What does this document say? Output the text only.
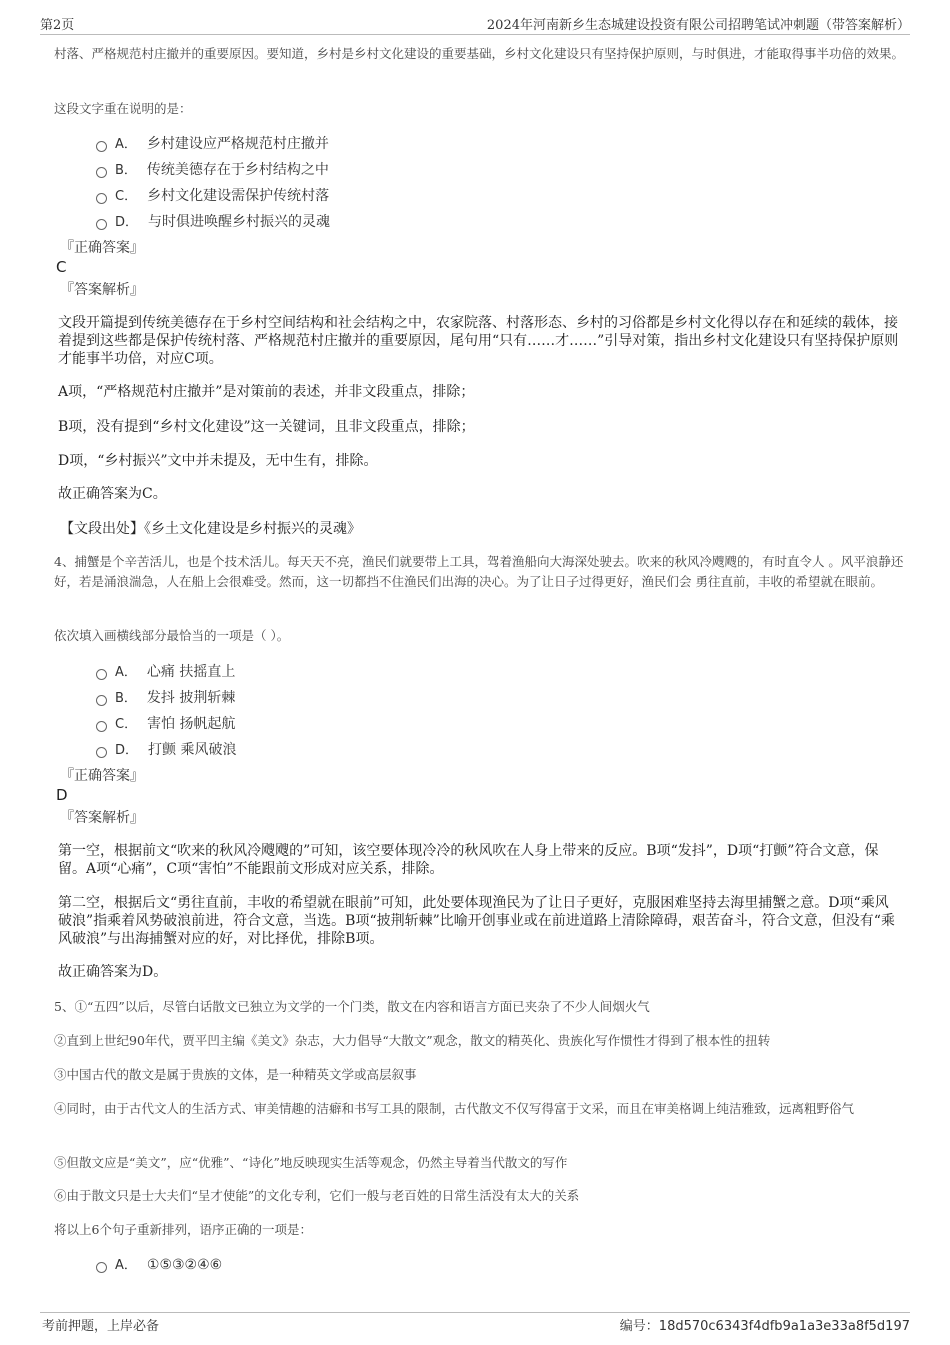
第2页	2024年河南新乡生态城建设投资有限公司招聘笔试冲刺题（带答案解析）
村落、严格规范村庄撤并的重要原因。要知道，乡村是乡村文化建设的重要基础，乡村文化建设只有坚持保护原则，与时俱进，才能取得事半功倍的效果。
这段文字重在说明的是：
A． 乡村建设应严格规范村庄撤并
B． 传统美德存在于乡村结构之中
C． 乡村文化建设需保护传统村落
D． 与时俱进唤醒乡村振兴的灵魂
『正确答案』
C
『答案解析』
文段开篇提到传统美德存在于乡村空间结构和社会结构之中，农家院落、村落形态、乡村的习俗都是乡村文化得以存在和延续的载体，接着提到这些都是保护传统村落、严格规范村庄撤并的重要原因，尾句用“只有……才……”引导对策，指出乡村文化建设只有坚持保护原则才能事半功倍，对应C项。
A项，“严格规范村庄撤并”是对策前的表述，并非文段重点，排除；
B项，没有提到“乡村文化建设”这一关键词，且非文段重点，排除；
D项，“乡村振兴”文中并未提及，无中生有，排除。
故正确答案为C。
【文段出处】《乡土文化建设是乡村振兴的灵魂》
4、捕蟹是个辛苦活儿，也是个技术活儿。每天天不亮，渔民们就要带上工具，驾着渔船向大海深处驶去。吹来的秋风冷飕飕的，有时直令人 。风平浪静还好，若是涌浪湍急，人在船上会很难受。然而，这一切都挡不住渔民们出海的决心。为了让日子过得更好，渔民们会 勇往直前，丰收的希望就在眼前。
依次填入画横线部分最恰当的一项是（ ）。
A． 心痛 扶摇直上
B． 发抖 披荆斩棘
C． 害怕 扬帆起航
D． 打颤 乘风破浪
『正确答案』
D
『答案解析』
第一空，根据前文“吹来的秋风冷飕飕的”可知，该空要体现冷冷的秋风吹在人身上带来的反应。B项“发抖”，D项“打颤”符合文意，保留。A项“心痛”，C项“害怕”不能跟前文形成对应关系，排除。
第二空，根据后文“勇往直前，丰收的希望就在眼前”可知，此处要体现渔民为了让日子更好，克服困难坚持去海里捕蟹之意。D项“乘风破浪”指乘着风势破浪前进，符合文意，当选。B项“披荆斩棘”比喻开创事业或在前进道路上清除障碍，艰苦奋斗，符合文意，但没有“乘风破浪”与出海捕蟹对应的好，对比择优，排除B项。
故正确答案为D。
5、①“五四”以后，尽管白话散文已独立为文学的一个门类，散文在内容和语言方面已夹杂了不少人间烟火气
②直到上世纪90年代，贾平凹主编《美文》杂志，大力倡导“大散文”观念，散文的精英化、贵族化写作惯性才得到了根本性的扭转
③中国古代的散文是属于贵族的文体，是一种精英文学或高层叙事
④同时，由于古代文人的生活方式、审美情趣的洁癖和书写工具的限制，古代散文不仅写得富于文采，而且在审美格调上纯洁雅致，远离粗野俗气
⑤但散文应是“美文”，应“优雅”、“诗化”地反映现实生活等观念，仍然主导着当代散文的写作
⑥由于散文只是士大夫们“呈才使能”的文化专利，它们一般与老百姓的日常生活没有太大的关系
将以上6个句子重新排列，语序正确的一项是：
A． ①⑤③②④⑥
考前押题，上岸必备	编号：18d570c6343f4dfb9a1a3e33a8f5d197
